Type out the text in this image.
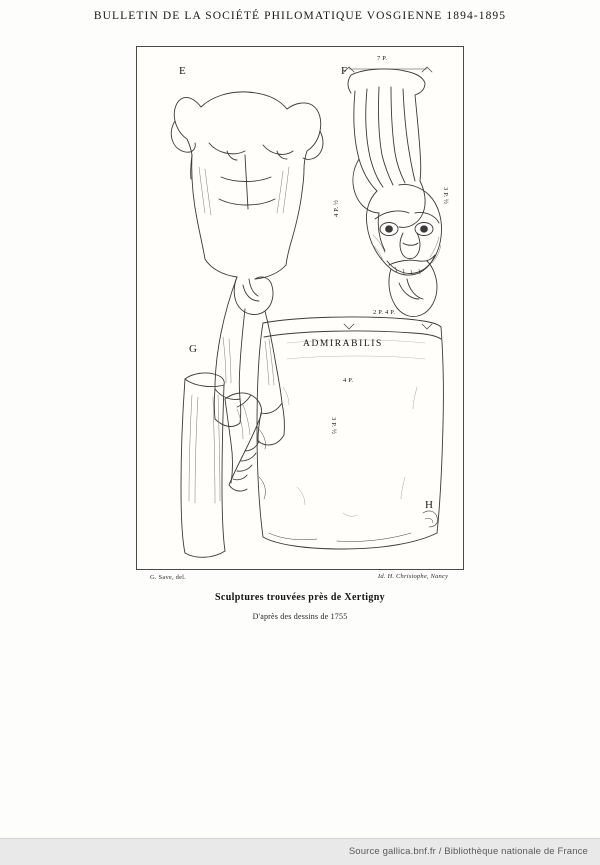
BULLETIN DE LA SOCIÉTÉ PHILOMATIQUE VOSGIENNE 1894-1895
E	F
G
H
7 P.
4 P. ½
3 P. ½
2 P. 4 P.
ADMIRABILIS
4 P.
3 P. ½
G. Save, del.	Id. H. Christophe, Nancy
Sculptures trouvées près de Xertigny
D'après des dessins de 1755
Source gallica.bnf.fr / Bibliothèque nationale de France
